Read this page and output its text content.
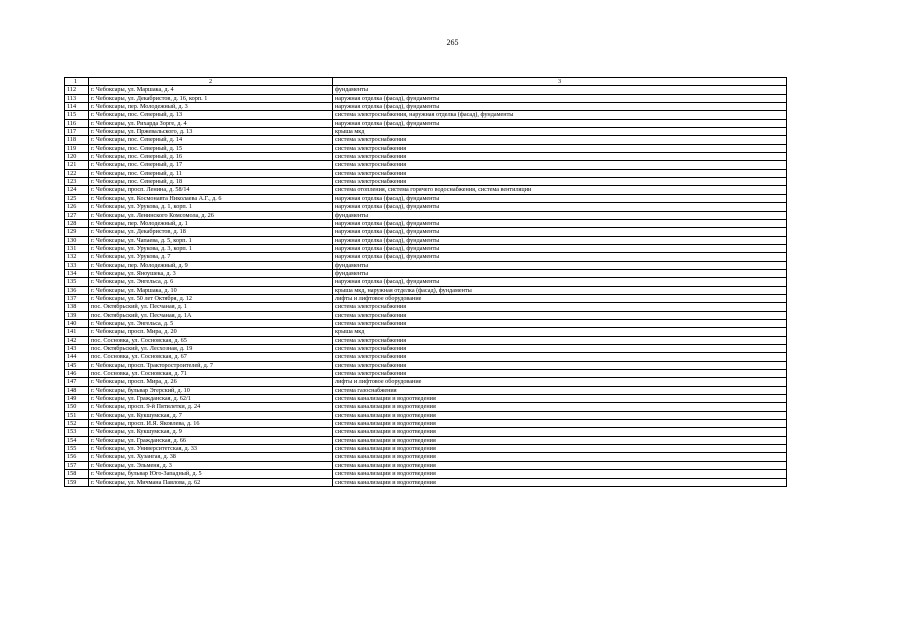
265
1	2	3
112	г. Чебоксары, ул. Маршака, д. 4	фундаменты
113	г. Чебоксары, ул. Декабристов, д. 16, корп. 1	наружная отделка (фасад), фундаменты
114	г. Чебоксары, пер. Молодежный, д. 3	наружная отделка (фасад), фундаменты
115	г. Чебоксары, пос. Северный, д. 13	система электроснабжения, наружная отделка (фасад), фундаменты
116	г. Чебоксары, ул. Рихарда Зорге, д. 4	наружная отделка (фасад), фундаменты
117	г. Чебоксары, ул. Пржевальского, д. 13	крыша мкд
118	г. Чебоксары, пос. Северный, д. 14	система электроснабжения
119	г. Чебоксары, пос. Северный, д. 15	система электроснабжения
120	г. Чебоксары, пос. Северный, д. 16	система электроснабжения
121	г. Чебоксары, пос. Северный, д. 17	система электроснабжения
122	г. Чебоксары, пос. Северный, д. 11	система электроснабжения
123	г. Чебоксары, пос. Северный, д. 18	система электроснабжения
124	г. Чебоксары, просп. Ленина, д. 58/14	система отопления, система горячего водоснабжения, система вентиляции
125	г. Чебоксары, ул. Космонавта Николаева А.Г., д. 6	наружная отделка (фасад), фундаменты
126	г. Чебоксары, ул. Урукова, д. 1, корп. 1	наружная отделка (фасад), фундаменты
127	г. Чебоксары, ул. Ленинского Комсомола, д. 26	фундаменты
128	г. Чебоксары, пер. Молодежный, д. 1	наружная отделка (фасад), фундаменты
129	г. Чебоксары, ул. Декабристов, д. 18	наружная отделка (фасад), фундаменты
130	г. Чебоксары, ул. Чапаева, д. 5, корп. 1	наружная отделка (фасад), фундаменты
131	г. Чебоксары, ул. Урукова, д. 3, корп. 1	наружная отделка (фасад), фундаменты
132	г. Чебоксары, ул. Урукова, д. 7	наружная отделка (фасад), фундаменты
133	г. Чебоксары, пер. Молодежный, д. 9	фундаменты
134	г. Чебоксары, ул. Яноушека, д. 3	фундаменты
135	г. Чебоксары, ул. Энгельса, д. 6	наружная отделка (фасад), фундаменты
136	г. Чебоксары, ул. Маршака, д. 10	крыша мкд, наружная отделка (фасад), фундаменты
137	г. Чебоксары, ул. 50 лет Октября, д. 12	лифты и лифтовое оборудование
138	пос. Октябрьский, ул. Песчаная, д. 1	система электроснабжения
139	пос. Октябрьский, ул. Песчаная, д. 1А	система электроснабжения
140	г. Чебоксары, ул. Энгельса, д. 5	система электроснабжения
141	г. Чебоксары, просп. Мира, д. 20	крыша мкд
142	пос. Сосновка, ул. Сосновская, д. 65	система электроснабжения
143	пос. Октябрьский, ул. Лесхозная, д. 19	система электроснабжения
144	пос. Сосновка, ул. Сосновская, д. 67	система электроснабжения
145	г. Чебоксары, просп. Тракторостроителей, д. 7	система электроснабжения
146	пос. Сосновка, ул. Сосновская, д. 71	система электроснабжения
147	г. Чебоксары, просп. Мира, д. 26	лифты и лифтовое оборудование
148	г. Чебоксары, бульвар Эгерский, д. 10	система газоснабжения
149	г. Чебоксары, ул. Гражданская, д. 62/1	система канализации и водоотведения
150	г. Чебоксары, просп. 9-й Пятилетки, д. 24	система канализации и водоотведения
151	г. Чебоксары, ул. Кукшумская, д. 7	система канализации и водоотведения
152	г. Чебоксары, просп. И.Я. Яковлева, д. 16	система канализации и водоотведения
153	г. Чебоксары, ул. Кукшумская, д. 9	система канализации и водоотведения
154	г. Чебоксары, ул. Гражданская, д. 66	система канализации и водоотведения
155	г. Чебоксары, ул. Университетская, д. 33	система канализации и водоотведения
156	г. Чебоксары, ул. Хузангая, д. 38	система канализации и водоотведения
157	г. Чебоксары, ул. Эльменя, д. 3	система канализации и водоотведения
158	г. Чебоксары, бульвар Юго-Западный, д. 5	система канализации и водоотведения
159	г. Чебоксары, ул. Мичмана Павлова, д. 62	система канализации и водоотведения
